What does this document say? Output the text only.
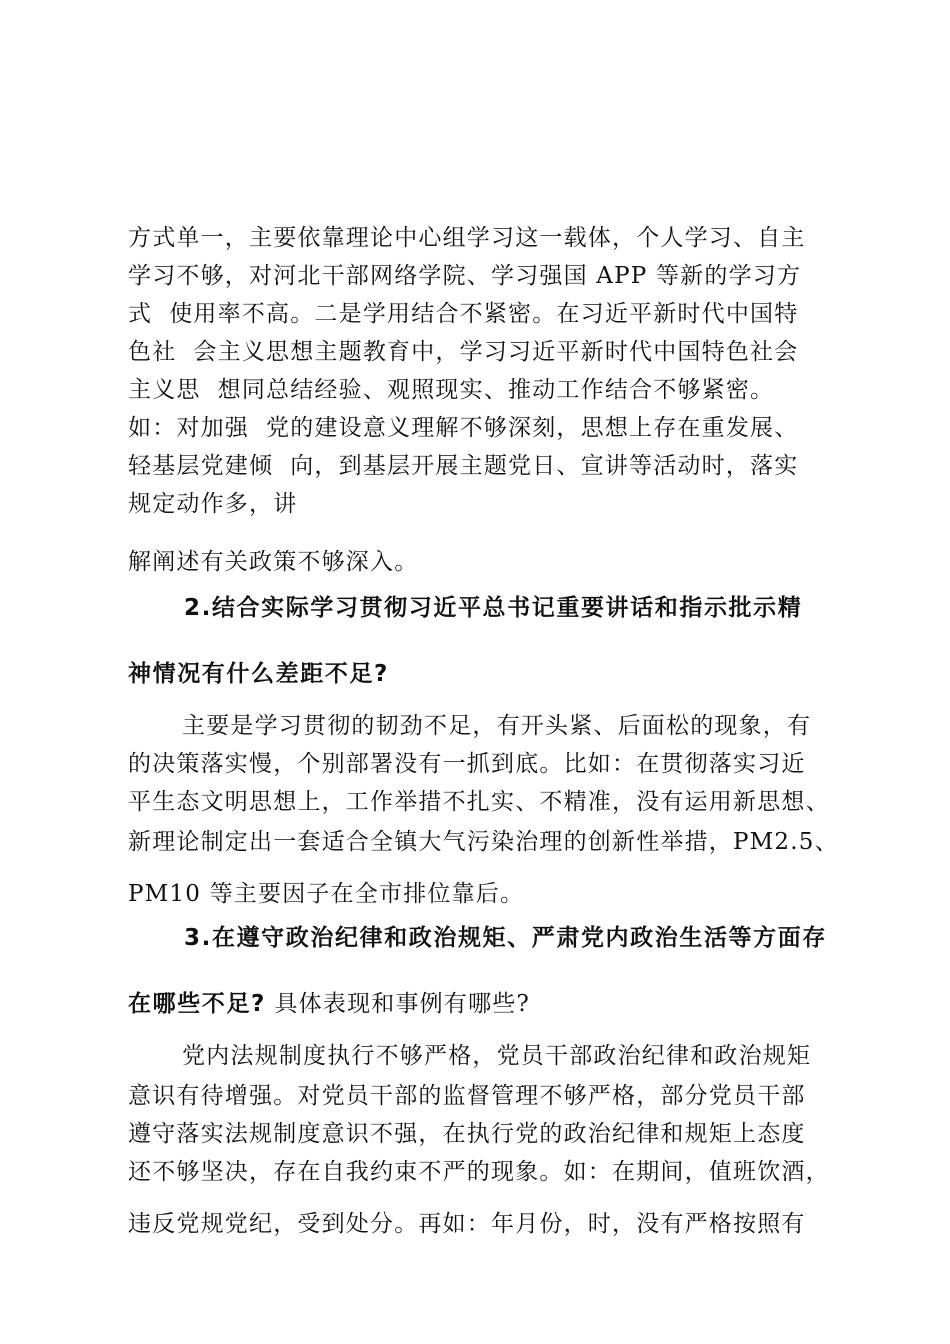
方式单一，主要依靠理论中心组学习这一载体，个人学习、自主
学习不够，对河北干部网络学院、学习强国 APP 等新的学习方
式  使用率不高。二是学用结合不紧密。在习近平新时代中国特
色社  会主义思想主题教育中，学习习近平新时代中国特色社会
主义思  想同总结经验、观照现实、推动工作结合不够紧密。
如：对加强  党的建设意义理解不够深刻，思想上存在重发展、
轻基层党建倾  向，到基层开展主题党日、宣讲等活动时，落实
规定动作多，讲
解阐述有关政策不够深入。
2.结合实际学习贯彻习近平总书记重要讲话和指示批示精
神情况有什么差距不足?
主要是学习贯彻的韧劲不足，有开头紧、后面松的现象，有
的决策落实慢，个别部署没有一抓到底。比如：在贯彻落实习近
平生态文明思想上，工作举措不扎实、不精准，没有运用新思想、
新理论制定出一套适合全镇大气污染治理的创新性举措，PM2.5、
PM10 等主要因子在全市排位靠后。
3.在遵守政治纪律和政治规矩、严肃党内政治生活等方面存
在哪些不足? 具体表现和事例有哪些?
党内法规制度执行不够严格，党员干部政治纪律和政治规矩
意识有待增强。对党员干部的监督管理不够严格，部分党员干部
遵守落实法规制度意识不强，在执行党的政治纪律和规矩上态度
还不够坚决，存在自我约束不严的现象。如：在期间，值班饮酒，
违反党规党纪，受到处分。再如：年月份，时，没有严格按照有
